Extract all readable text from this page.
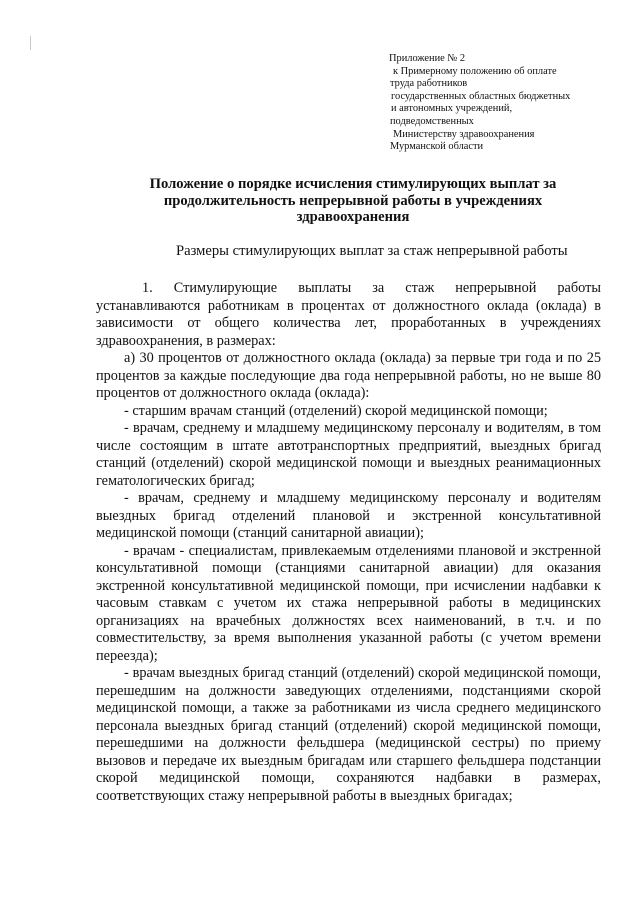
Приложение № 2
к Примерному положению об оплате
труда работников
государственных областных бюджетных
и автономных учреждений,
подведомственных
Министерству здравоохранения
Мурманской области
Положение о порядке исчисления стимулирующих выплат за продолжительность непрерывной работы в учреждениях здравоохранения
Размеры стимулирующих выплат за стаж непрерывной работы

1. Стимулирующие выплаты за стаж непрерывной работы устанавливаются работникам в процентах от должностного оклада (оклада) в зависимости от общего количества лет, проработанных в учреждениях здравоохранения, в размерах:

а) 30 процентов от должностного оклада (оклада) за первые три года и по 25 процентов за каждые последующие два года непрерывной работы, но не выше 80 процентов от должностного оклада (оклада):

- старшим врачам станций (отделений) скорой медицинской помощи;

- врачам, среднему и младшему медицинскому персоналу и водителям, в том числе состоящим в штате автотранспортных предприятий, выездных бригад станций (отделений) скорой медицинской помощи и выездных реанимационных гематологических бригад;

- врачам, среднему и младшему медицинскому персоналу и водителям выездных бригад отделений плановой и экстренной консультативной медицинской помощи (станций санитарной авиации);

- врачам - специалистам, привлекаемым отделениями плановой и экстренной консультативной помощи (станциями санитарной авиации) для оказания экстренной консультативной медицинской помощи, при исчислении надбавки к часовым ставкам с учетом их стажа непрерывной работы в медицинских организациях на врачебных должностях всех наименований, в т.ч. и по совместительству, за время выполнения указанной работы (с учетом времени переезда);

- врачам выездных бригад станций (отделений) скорой медицинской помощи, перешедшим на должности заведующих отделениями, подстанциями скорой медицинской помощи, а также за работниками из числа среднего медицинского персонала выездных бригад станций (отделений) скорой медицинской помощи, перешедшими на должности фельдшера (медицинской сестры) по приему вызовов и передаче их выездным бригадам или старшего фельдшера подстанции скорой медицинской помощи, сохраняются надбавки в размерах, соответствующих стажу непрерывной работы в выездных бригадах;
